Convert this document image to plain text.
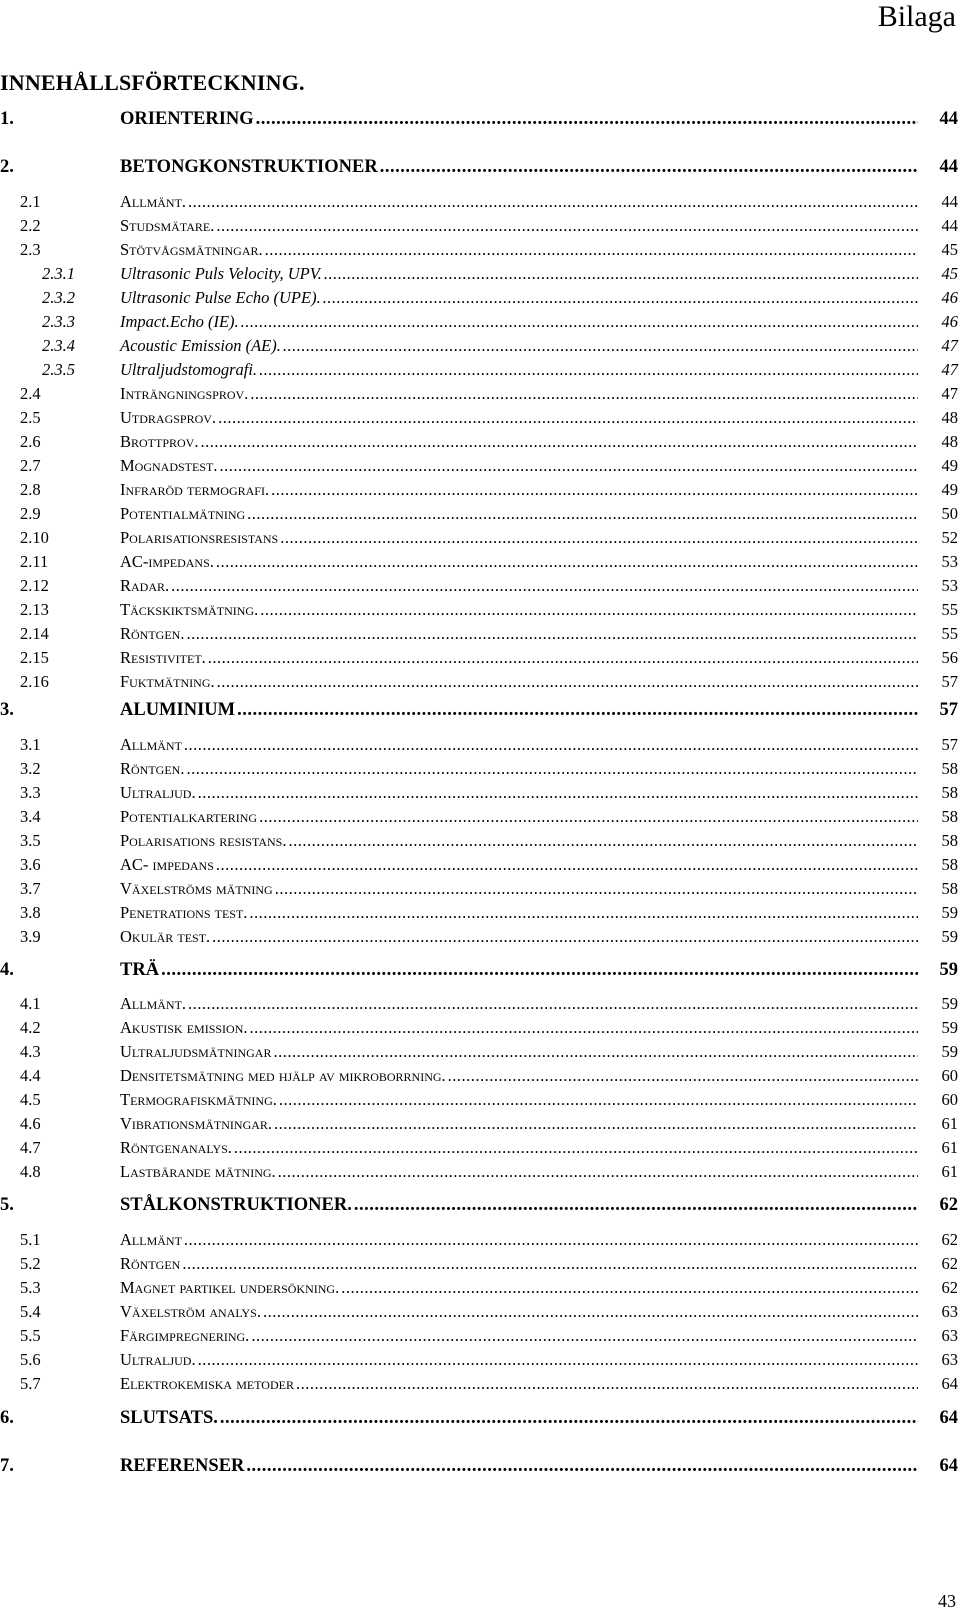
Bilaga
INNEHÅLLSFÖRTECKNING.
1.	ORIENTERING .....	44
2.	BETONGKONSTRUKTIONER .....	44
2.1	Allmänt. .....	44
2.2	Studsmätare. .....	44
2.3	Stötvågsmätningar. .....	45
2.3.1	Ultrasonic Puls Velocity, UPV. .....	45
2.3.2	Ultrasonic Pulse Echo (UPE). .....	46
2.3.3	Impact.Echo (IE). .....	46
2.3.4	Acoustic Emission (AE). .....	47
2.3.5	Ultraljudstomografi. .....	47
2.4	Inträngningsprov. .....	47
2.5	Utdragsprov. .....	48
2.6	Brottprov. .....	48
2.7	Mognadstest. .....	49
2.8	Infraröd termografi. .....	49
2.9	Potentialmätning .....	50
2.10	Polarisationsresistans .....	52
2.11	AC-impedans. .....	53
2.12	Radar. .....	53
2.13	Täckskiktsmätning. .....	55
2.14	Röntgen. .....	55
2.15	Resistivitet. .....	56
2.16	Fuktmätning. .....	57
3.	ALUMINIUM .....	57
3.1	Allmänt .....	57
3.2	Röntgen. .....	58
3.3	Ultraljud. .....	58
3.4	Potentialkartering .....	58
3.5	Polarisations resistans. .....	58
3.6	AC- impedans .....	58
3.7	Växelströms mätning .....	58
3.8	Penetrations test. .....	59
3.9	Okulär test. .....	59
4.	TRÄ .....	59
4.1	Allmänt. .....	59
4.2	Akustisk emission. .....	59
4.3	Ultraljudsmätningar .....	59
4.4	Densitetsmätning med hjälp av mikroborrning. .....	60
4.5	Termografiskmätning. .....	60
4.6	Vibrationsmätningar. .....	61
4.7	Röntgenanalys. .....	61
4.8	Lastbärande mätning. .....	61
5.	STÅLKONSTRUKTIONER. .....	62
5.1	Allmänt .....	62
5.2	Röntgen .....	62
5.3	Magnet partikel undersökning. .....	62
5.4	Växelström analys. .....	63
5.5	Färgimpregnering. .....	63
5.6	Ultraljud. .....	63
5.7	Elektrokemiska metoder .....	64
6.	SLUTSATS. .....	64
7.	REFERENSER .....	64
43
